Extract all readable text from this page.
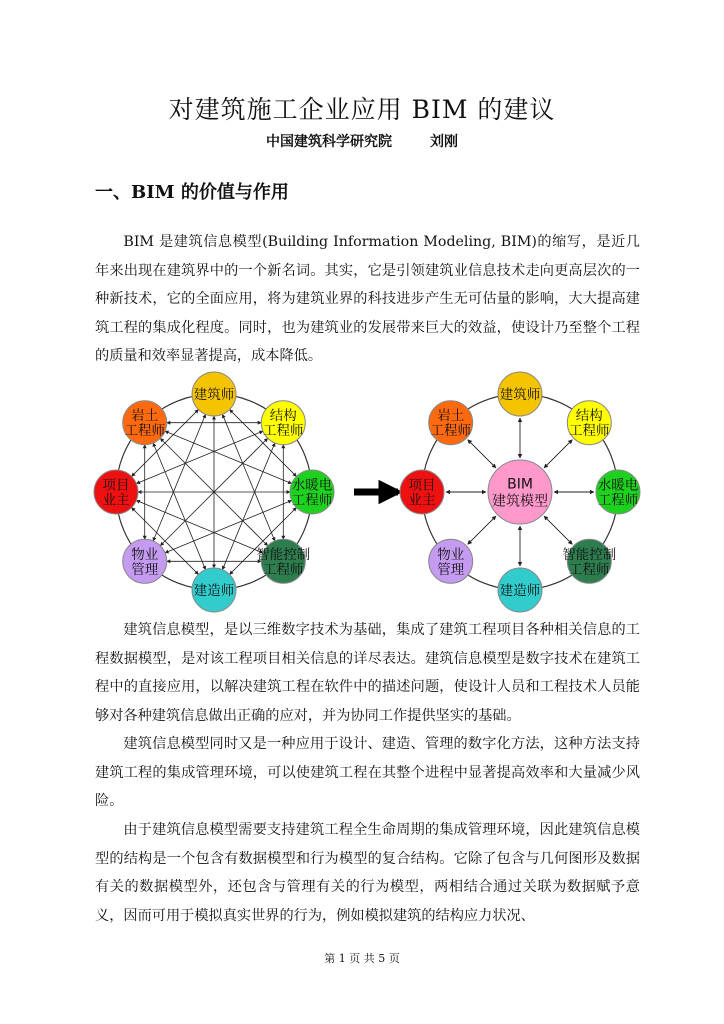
对建筑施工企业应用 BIM 的建议
中国建筑科学研究院	刘刚
一、BIM 的价值与作用

BIM 是建筑信息模型(Building Information Modeling, BIM)的缩写，是近几年来出现在建筑界中的一个新名词。其实，它是引领建筑业信息技术走向更高层次的一种新技术，它的全面应用，将为建筑业界的科技进步产生无可估量的影响，大大提高建筑工程的集成化程度。同时，也为建筑业的发展带来巨大的效益，使设计乃至整个工程的质量和效率显著提高，成本降低。

建筑师
结构
工程师
水暖电
工程师
智能控制
工程师
建造师
物业
管理
项目
业主
岩土
工程师
BIM
建筑模型
建筑师
结构
工程师
水暖电
工程师
智能控制
工程师
建造师
物业
管理
项目
业主
岩土
工程师

建筑信息模型，是以三维数字技术为基础，集成了建筑工程项目各种相关信息的工程数据模型，是对该工程项目相关信息的详尽表达。建筑信息模型是数字技术在建筑工程中的直接应用，以解决建筑工程在软件中的描述问题，使设计人员和工程技术人员能够对各种建筑信息做出正确的应对，并为协同工作提供坚实的基础。

建筑信息模型同时又是一种应用于设计、建造、管理的数字化方法，这种方法支持建筑工程的集成管理环境，可以使建筑工程在其整个进程中显著提高效率和大量减少风险。

由于建筑信息模型需要支持建筑工程全生命周期的集成管理环境，因此建筑信息模型的结构是一个包含有数据模型和行为模型的复合结构。它除了包含与几何图形及数据有关的数据模型外，还包含与管理有关的行为模型，两相结合通过关联为数据赋予意义，因而可用于模拟真实世界的行为，例如模拟建筑的结构应力状况、

第 1 页 共 5 页
